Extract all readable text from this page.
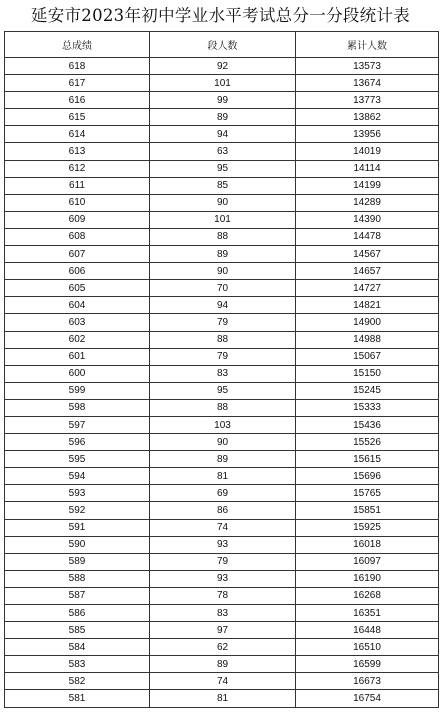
延安市2023年初中学业水平考试总分一分段统计表
总成绩	段人数	累计人数
618	92	13573
617	101	13674
616	99	13773
615	89	13862
614	94	13956
613	63	14019
612	95	14114
611	85	14199
610	90	14289
609	101	14390
608	88	14478
607	89	14567
606	90	14657
605	70	14727
604	94	14821
603	79	14900
602	88	14988
601	79	15067
600	83	15150
599	95	15245
598	88	15333
597	103	15436
596	90	15526
595	89	15615
594	81	15696
593	69	15765
592	86	15851
591	74	15925
590	93	16018
589	79	16097
588	93	16190
587	78	16268
586	83	16351
585	97	16448
584	62	16510
583	89	16599
582	74	16673
581	81	16754
